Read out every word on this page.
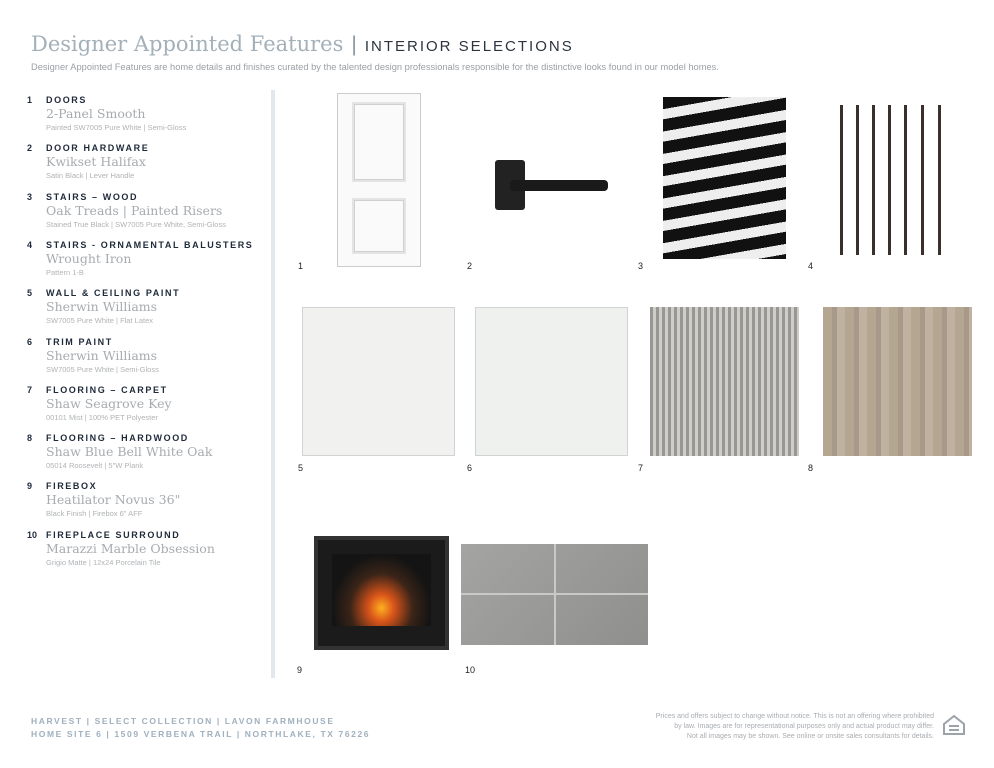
Designer Appointed Features | INTERIOR SELECTIONS
Designer Appointed Features are home details and finishes curated by the talented design professionals responsible for the distinctive looks found in our model homes.
1 DOORS
2-Panel Smooth
Painted SW7005 Pure White | Semi-Gloss
2 DOOR HARDWARE
Kwikset Halifax
Satin Black | Lever Handle
3 STAIRS – WOOD
Oak Treads | Painted Risers
Stained True Black | SW7005 Pure White, Semi-Gloss
4 STAIRS - ORNAMENTAL BALUSTERS
Wrought Iron
Pattern 1-B
5 WALL & CEILING PAINT
Sherwin Williams
SW7005 Pure White | Flat Latex
6 TRIM PAINT
Sherwin Williams
SW7005 Pure White | Semi-Gloss
7 FLOORING – CARPET
Shaw Seagrove Key
00101 Mist | 100% PET Polyester
8 FLOORING – HARDWOOD
Shaw Blue Bell White Oak
05014 Roosevelt | 5"W Plank
9 FIREBOX
Heatilator Novus 36"
Black Finish | Firebox 6" AFF
10 FIREPLACE SURROUND
Marazzi Marble Obsession
Grigio Matte | 12x24 Porcelain Tile
1	2	3	4
5	6	7	8
9	10
HARVEST | SELECT COLLECTION | LAVON FARMHOUSE
HOME SITE 6 | 1509 VERBENA TRAIL | NORTHLAKE, TX 76226
Prices and offers subject to change without notice. This is not an offering where prohibited
by law. Images are for representational purposes only and actual product may differ.
Not all images may be shown. See online or onsite sales consultants for details.
